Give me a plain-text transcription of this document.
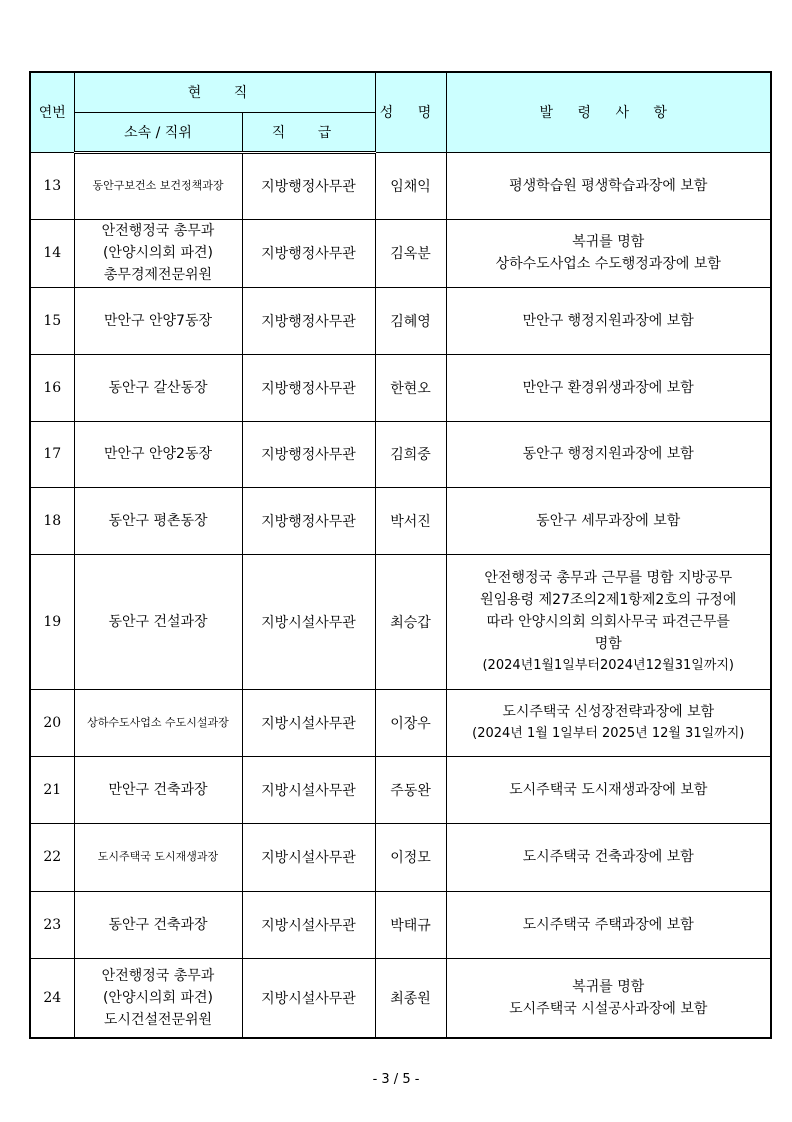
연번	현 직		성 명	발 령 사 항
	소속 / 직위	직 급		
13	동안구보건소 보건정책과장	지방행정사무관	임채익	평생학습원 평생학습과장에 보함

14	안전행정국 총무과
(안양시의회 파견)
총무경제전문위원	지방행정사무관	김옥분	복귀를 명함
상하수도사업소 수도행정과장에 보함

15	만안구 안양7동장	지방행정사무관	김혜영	만안구 행정지원과장에 보함

16	동안구 갈산동장	지방행정사무관	한현오	만안구 환경위생과장에 보함

17	만안구 안양2동장	지방행정사무관	김희중	동안구 행정지원과장에 보함

18	동안구 평촌동장	지방행정사무관	박서진	동안구 세무과장에 보함

19	동안구 건설과장	지방시설사무관	최승갑	안전행정국 총무과 근무를 명함 지방공무
원임용령 제27조의2제1항제2호의 규정에
따라 안양시의회 의회사무국 파견근무를
명함
(2024년1월1일부터2024년12월31일까지)

20	상하수도사업소 수도시설과장	지방시설사무관	이장우	도시주택국 신성장전략과장에 보함
(2024년 1월 1일부터 2025년 12월 31일까지)

21	만안구 건축과장	지방시설사무관	주동완	도시주택국 도시재생과장에 보함

22	도시주택국 도시재생과장	지방시설사무관	이정모	도시주택국 건축과장에 보함

23	동안구 건축과장	지방시설사무관	박태규	도시주택국 주택과장에 보함

24	안전행정국 총무과
(안양시의회 파견)
도시건설전문위원	지방시설사무관	최종원	복귀를 명함
도시주택국 시설공사과장에 보함
- 3 / 5 -
